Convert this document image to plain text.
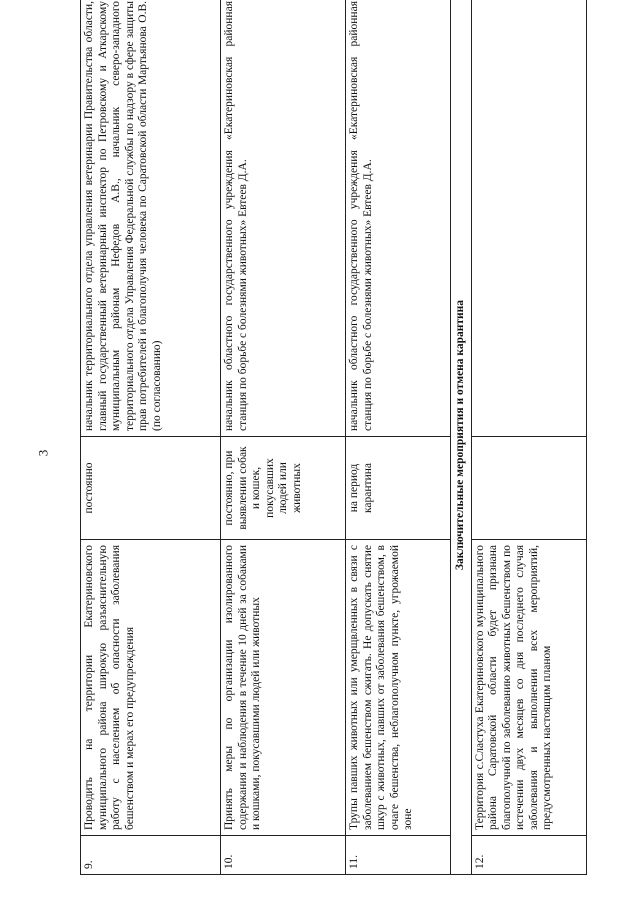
3
9.	Проводить на территории Екатериновского муниципального района широкую разъяснительную работу с населением об опасности заболевания бешенством и мерах его предупреждения	постоянно	начальник территориального отдела управления ветеринарии Правительства области, главный государственный ветеринарный инспектор по Петровскому и Аткарскому муниципальным районам Нефедов А.В., начальник северо-западного территориального отдела Управления Федеральной службы по надзору в сфере защиты прав потребителей и благополучия человека по Саратовской области Мартьянова О.В. (по согласованию)
10.	Принять меры по организации изолированного содержания и наблюдения в течение 10 дней за собаками и кошками, покусавшими людей или животных	постоянно, при выявлении собак и кошек, покусавших людей или животных	начальник областного государственного учреждения «Екатериновская районная станция по борьбе с болезнями животных» Евтеев Д.А.
11.	Трупы павших животных или умерщвленных в связи с заболеванием бешенством сжигать. Не допускать снятие шкур с животных, павших от заболевания бешенством, в очаге бешенства, неблагополучном пункте, угрожаемой зоне	на период карантина	начальник областного государственного учреждения «Екатериновская районная станция по борьбе с болезнями животных» Евтеев Д.А.
Заключительные мероприятия и отмена карантина			
12.	Территория с.Сластуха Екатериновского муниципального района Саратовской области будет признана благополучной по заболеванию животных бешенством по истечении двух месяцев со дня последнего случая заболевания и выполнении всех мероприятий, предусмотренных настоящим планом		
